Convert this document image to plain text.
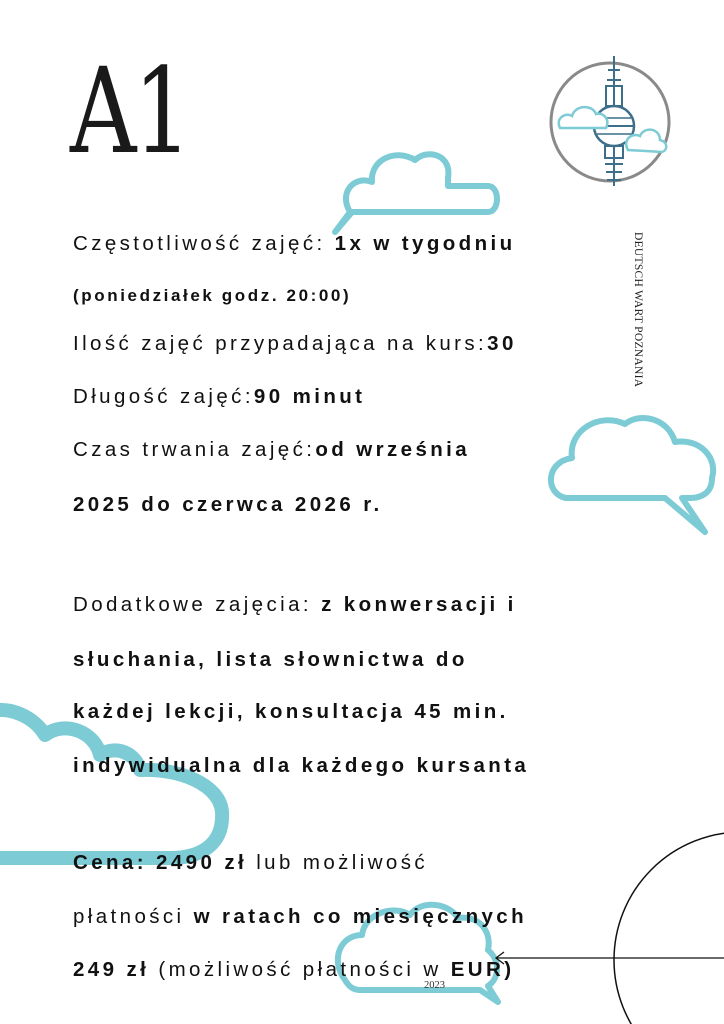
A1
DEUTSCH WART POZNANIA

Częstotliwość zajęć: 1x w tygodniu

(poniedziałek godz. 20:00)

Ilość zajęć przypadająca na kurs:30

Długość zajęć:90 minut

Czas trwania zajęć:od września

2025 do czerwca 2026 r.

Dodatkowe zajęcia: z konwersacji i

słuchania, lista słownictwa do

każdej lekcji, konsultacja 45 min.

indywidualna dla każdego kursanta

Cena: 2490 zł lub możliwość

płatności w ratach co miesięcznych

249 zł (możliwość płatności w EUR)

2023
